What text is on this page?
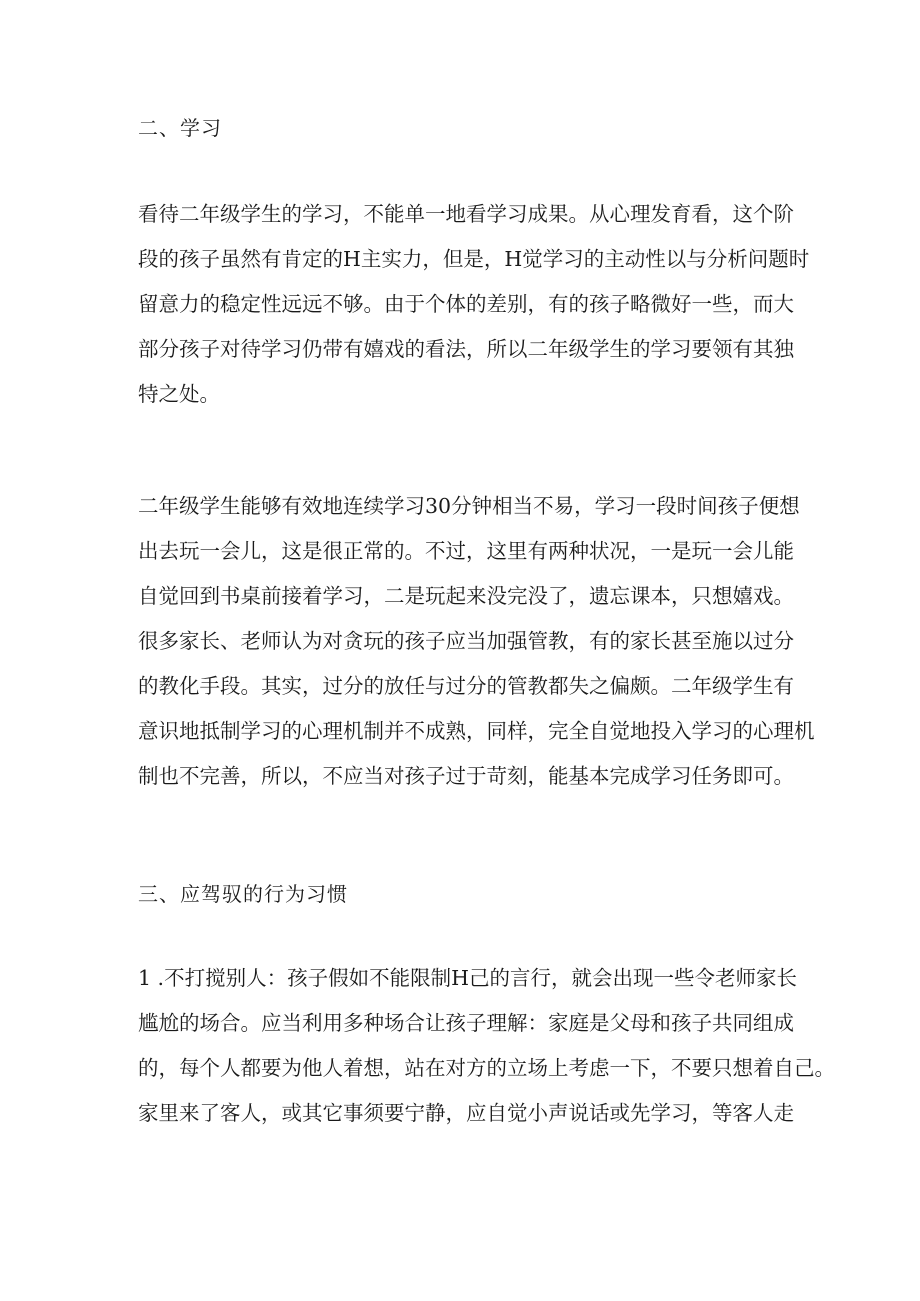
二、学习
看待二年级学生的学习，不能单一地看学习成果。从心理发育看，这个阶
段的孩子虽然有肯定的H主实力，但是，H觉学习的主动性以与分析问题时
留意力的稳定性远远不够。由于个体的差别，有的孩子略微好一些，而大
部分孩子对待学习仍带有嬉戏的看法，所以二年级学生的学习要领有其独
特之处。
二年级学生能够有效地连续学习30分钟相当不易，学习一段时间孩子便想
出去玩一会儿，这是很正常的。不过，这里有两种状况，一是玩一会儿能
自觉回到书桌前接着学习，二是玩起来没完没了，遗忘课本，只想嬉戏。
很多家长、老师认为对贪玩的孩子应当加强管教，有的家长甚至施以过分
的教化手段。其实，过分的放任与过分的管教都失之偏颇。二年级学生有
意识地抵制学习的心理机制并不成熟，同样，完全自觉地投入学习的心理机
制也不完善，所以，不应当对孩子过于苛刻，能基本完成学习任务即可。
三、应驾驭的行为习惯
1 .不打搅别人：孩子假如不能限制H己的言行，就会出现一些令老师家长
尴尬的场合。应当利用多种场合让孩子理解：家庭是父母和孩子共同组成
的，每个人都要为他人着想，站在对方的立场上考虑一下，不要只想着自己。
家里来了客人，或其它事须要宁静，应自觉小声说话或先学习，等客人走
